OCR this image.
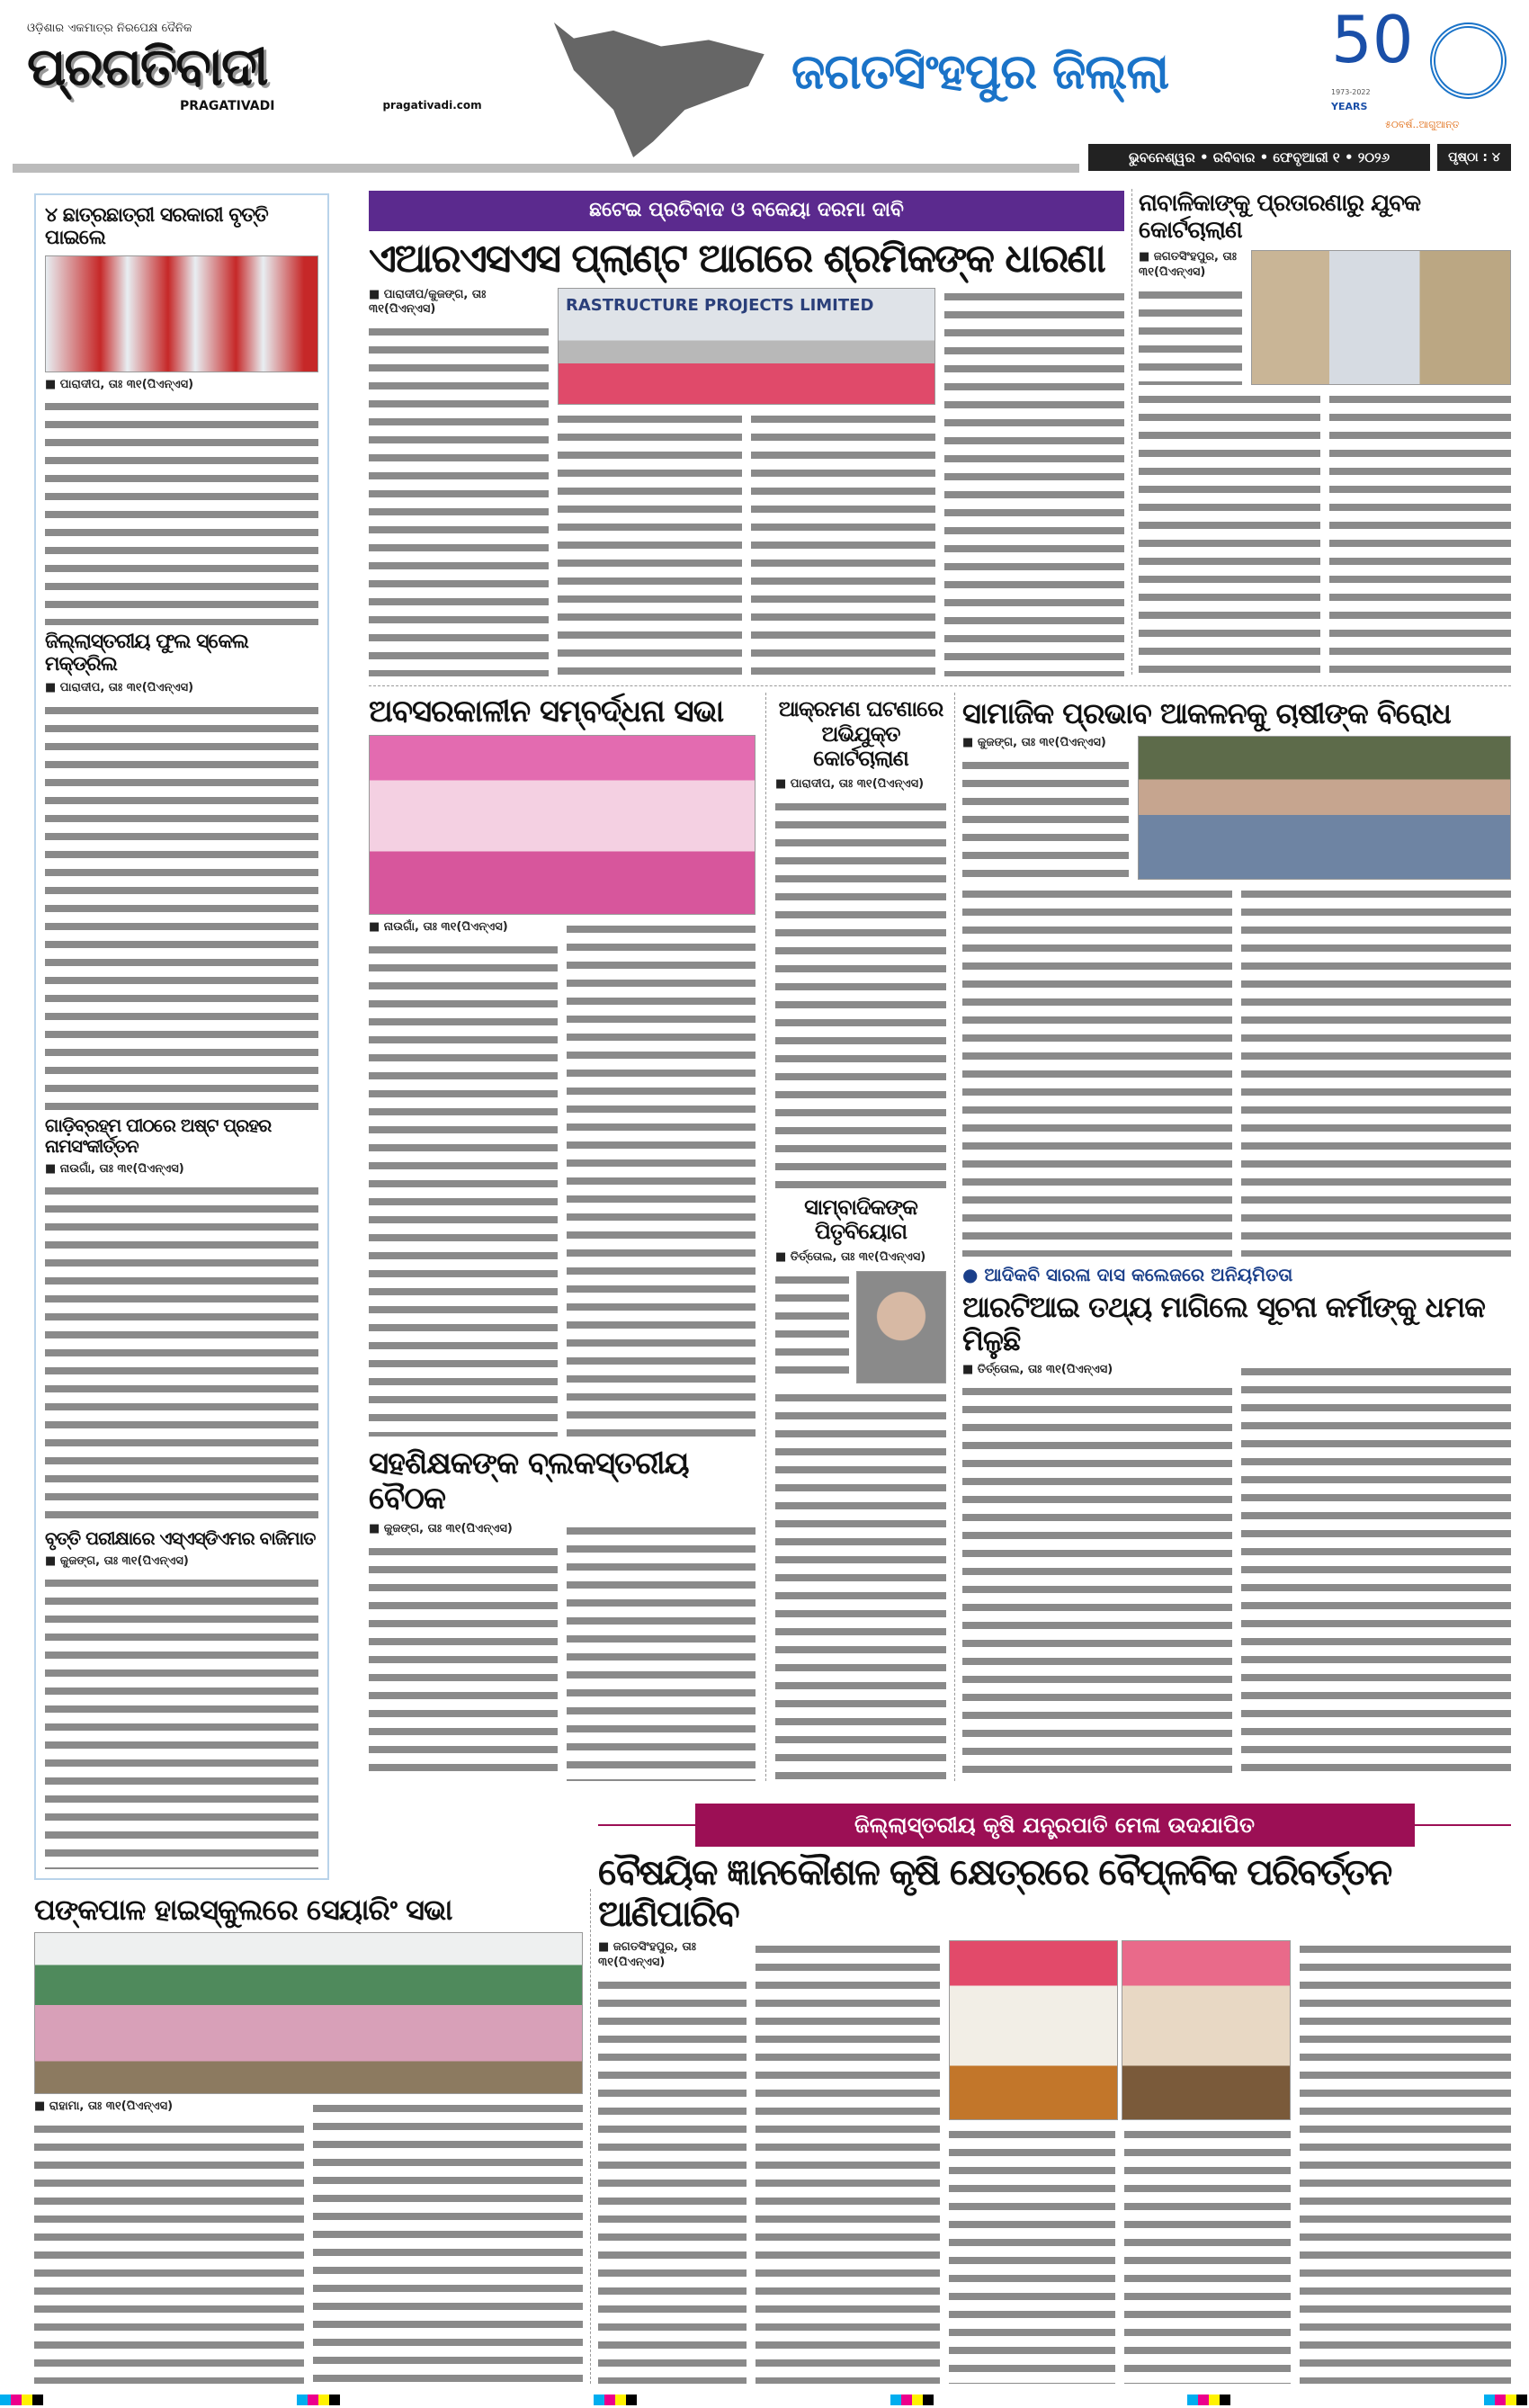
ଓଡ଼ିଶାର ଏକମାତ୍ର ନିରପେକ୍ଷ ଦୈନିକ
ପ୍ରଗତିବାଦୀ
PRAGATIVADI	pragativadi.com
ଜଗତସିଂହପୁର ଜିଲ୍ଲା	50
1973-2022
YEARS
୫୦ବର୍ଷ..ଆଗୁଆନ୍ତ
ଭୁବନେଶ୍ୱର • ରବିବାର • ଫେବୃଆରୀ ୧ • ୨୦୨୬	ପୃଷ୍ଠା : ୪
୪ ଛାତ୍ରଛାତ୍ରୀ ସରକାରୀ ବୃତ୍ତି ପାଇଲେ
■ ପାରାଦୀପ, ତାଃ ୩୧(ପିଏନ୍ଏସ)
ଜିଲ୍ଲାସ୍ତରୀୟ ଫୁଲ ସ୍କେଲ ମକ୍‌ଡ୍ରିଲ
■ ପାରାଦୀପ, ତାଃ ୩୧(ପିଏନ୍ଏସ)
ଗାଡ଼ିବ୍ରହ୍ମ ପୀଠରେ ଅଷ୍ଟ ପ୍ରହର ନାମସଂକୀର୍ତ୍ତନ
■ ନାଉଗାଁ, ତାଃ ୩୧(ପିଏନ୍ଏସ)
ବୃତ୍ତି ପରୀକ୍ଷାରେ ଏସ୍ଏସ୍‌ଡିଏମର ବାଜିମାତ
■ କୁଜଙ୍ଗ, ତାଃ ୩୧(ପିଏନ୍ଏସ)
ଛଟେଇ ପ୍ରତିବାଦ ଓ ବକେୟା ଦରମା ଦାବି
ଏଆରଏସଏସ ପ୍ଲାଣ୍ଟ ଆଗରେ ଶ୍ରମିକଙ୍କ ଧାରଣା
■ ପାରାଦୀପ/କୁଜଙ୍ଗ, ତାଃ ୩୧(ପିଏନ୍ଏସ)	RASTRUCTURE PROJECTS LIMITED
ନାବାଳିକାଙ୍କୁ ପ୍ରତାରଣାରୁ ଯୁବକ କୋର୍ଟଚାଲାଣ
■ ଜଗତସିଂହପୁର, ତାଃ ୩୧(ପିଏନ୍ଏସ)
ଅବସରକାଳୀନ ସମ୍ବର୍ଦ୍ଧନା ସଭା
■ ନାଉଗାଁ, ତାଃ ୩୧(ପିଏନ୍ଏସ)
ସହଶିକ୍ଷକଙ୍କ ବ୍ଲକସ୍ତରୀୟ ବୈଠକ
■ କୁଜଙ୍ଗ, ତାଃ ୩୧(ପିଏନ୍ଏସ)
ଆକ୍ରମଣ ଘଟଣାରେ ଅଭିଯୁକ୍ତ କୋର୍ଟଚାଲାଣ
■ ପାରାଦୀପ, ତାଃ ୩୧(ପିଏନ୍ଏସ)
ସାମ୍ବାଦିକଙ୍କ ପିତୃବିୟୋଗ
■ ତିର୍ତ୍ତୋଲ, ତାଃ ୩୧(ପିଏନ୍ଏସ)
ସାମାଜିକ ପ୍ରଭାବ ଆକଳନକୁ ଚାଷୀଙ୍କ ବିରୋଧ
■ କୁଜଙ୍ଗ, ତାଃ ୩୧(ପିଏନ୍ଏସ)
● ଆଦିକବି ସାରଳା ଦାସ କଲେଜରେ ଅନିୟମିତତା
ଆରଟିଆଇ ତଥ୍ୟ ମାଗିଲେ ସୂଚନା କର୍ମୀଙ୍କୁ ଧମକ ମିଳୁଛି
■ ତିର୍ତ୍ତୋଲ, ତାଃ ୩୧(ପିଏନ୍ଏସ)
ପଙ୍କପାଳ ହାଇସ୍କୁଲରେ ସେୟାରିଂ ସଭା
■ ରାହାମା, ତାଃ ୩୧(ପିଏନ୍ଏସ)
ଜିଲ୍ଲାସ୍ତରୀୟ କୃଷି ଯନ୍ତ୍ରପାତି ମେଳା ଉଦଯାପିତ
ବୈଷୟିକ ଜ୍ଞାନକୌଶଳ କୃଷି କ୍ଷେତ୍ରରେ ବୈପ୍ଳବିକ ପରିବର୍ତ୍ତନ ଆଣିପାରିବ
■ ଜଗତସିଂହପୁର, ତାଃ ୩୧(ପିଏନ୍ଏସ)
